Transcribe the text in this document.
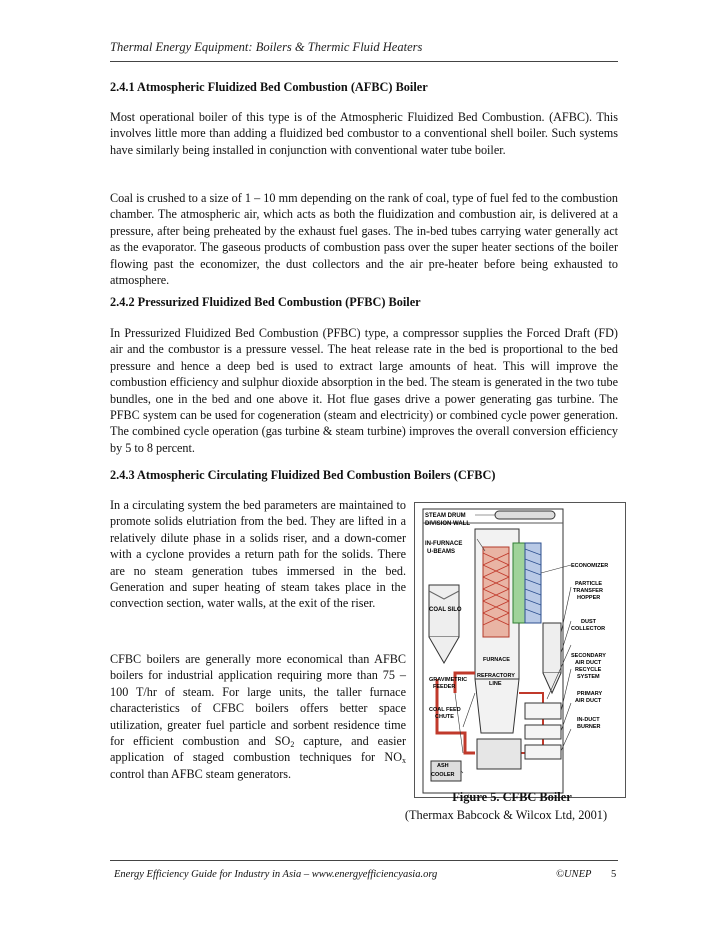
Thermal Energy Equipment: Boilers & Thermic Fluid Heaters
2.4.1 Atmospheric Fluidized Bed Combustion (AFBC) Boiler

Most operational boiler of this type is of the Atmospheric Fluidized Bed Combustion. (AFBC). This involves little more than adding a fluidized bed combustor to a conventional shell boiler. Such systems have similarly being installed in conjunction with conventional water tube boiler.

Coal is crushed to a size of 1 – 10 mm depending on the rank of coal, type of fuel fed to the combustion chamber. The atmospheric air, which acts as both the fluidization and combustion air, is delivered at a pressure, after being preheated by the exhaust fuel gases. The in-bed tubes carrying water generally act as the evaporator. The gaseous products of combustion pass over the super heater sections of the boiler flowing past the economizer, the dust collectors and the air pre-heater before being exhausted to atmosphere.

2.4.2 Pressurized Fluidized Bed Combustion (PFBC) Boiler

In Pressurized Fluidized Bed Combustion (PFBC) type, a compressor supplies the Forced Draft (FD) air and the combustor is a pressure vessel. The heat release rate in the bed is proportional to the bed pressure and hence a deep bed is used to extract large amounts of heat. This will improve the combustion efficiency and sulphur dioxide absorption in the bed. The steam is generated in the two tube bundles, one in the bed and one above it. Hot flue gases drive a power generating gas turbine. The PFBC system can be used for cogeneration (steam and electricity) or combined cycle power generation. The combined cycle operation (gas turbine & steam turbine) improves the overall conversion efficiency by 5 to 8 percent.

2.4.3 Atmospheric Circulating Fluidized Bed Combustion Boilers (CFBC)

In a circulating system the bed parameters are maintained to promote solids elutriation from the bed. They are lifted in a relatively dilute phase in a solids riser, and a down-comer with a cyclone provides a return path for the solids. There are no steam generation tubes immersed in the bed. Generation and super heating of steam takes place in the convection section, water walls, at the exit of the riser.

CFBC boilers are generally more economical than AFBC boilers for industrial application requiring more than 75 – 100 T/hr of steam. For large units, the taller furnace characteristics of CFBC boilers offers better space utilization, greater fuel particle and sorbent residence time for efficient combustion and $SO_2$ capture, and easier application of staged combustion techniques for $NO_x$ control than AFBC steam generators.

STEAM DRUM
DIVISION WALL
IN-FURNACE
U-BEAMS
COAL SILO
FURNACE
REFRACTORY
LINE
GRAVIMETRIC
FEEDER
COAL FEED
CHUTE
ASH
COOLER
ECONOMIZER
PARTICLE
TRANSFER
HOPPER
DUST
COLLECTOR
SECONDARY
AIR DUCT
RECYCLE
SYSTEM
PRIMARY
AIR DUCT
IN-DUCT
BURNER
Figure 5. CFBC Boiler
(Thermax Babcock & Wilcox Ltd, 2001)
Energy Efficiency Guide for Industry in Asia – www.energyefficiencyasia.org	©UNEP 5
